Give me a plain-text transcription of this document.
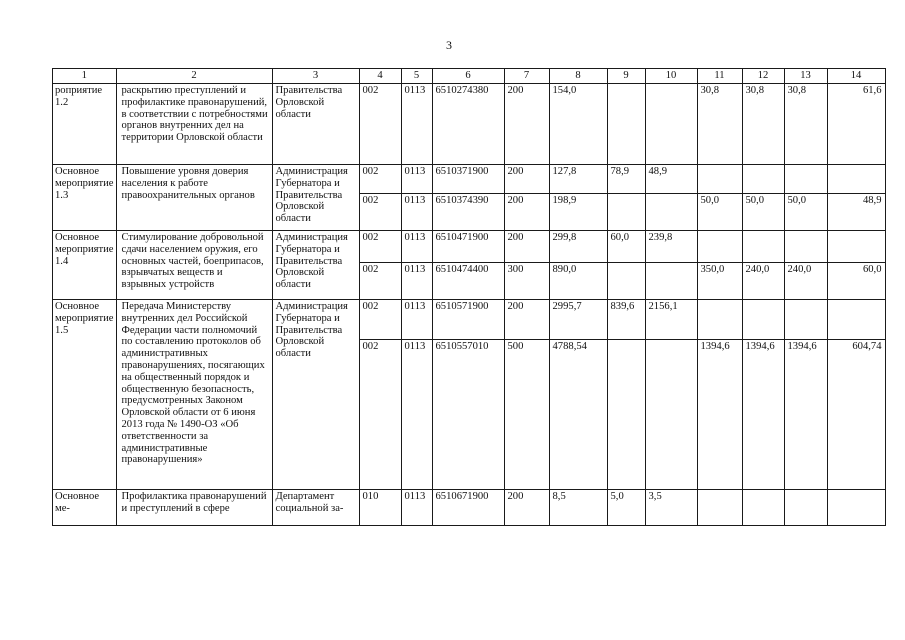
3
1	2	3	4	5	6	7	8	9	10	11	12	13	14
роприятие 1.2	раскрытию преступлений и профилактике правонарушений, в соответствии с потребностями органов внутренних дел на территории Орловской области	Правительства Орловской области	002	0113	6510274380	200	154,0			30,8	30,8	30,8	61,6
Основное мероприятие 1.3	Повышение уровня доверия населения к работе правоохранительных органов	Администрация Губернатора и Правительства Орловской области	002	0113	6510371900	200	127,8	78,9	48,9				
			002	0113	6510374390	200	198,9			50,0	50,0	50,0	48,9
Основное мероприятие 1.4	Стимулирование добровольной сдачи населением оружия, его основных частей, боеприпасов, взрывчатых веществ и взрывных устройств	Администрация Губернатора и Правительства Орловской области	002	0113	6510471900	200	299,8	60,0	239,8				
			002	0113	6510474400	300	890,0			350,0	240,0	240,0	60,0
Основное мероприятие 1.5	Передача Министерству внутренних дел Российской Федерации части полномочий по составлению протоколов об административных правонарушениях, посягающих на общественный порядок и общественную безопасность, предусмотренных Законом Орловской области от 6 июня 2013 года № 1490-ОЗ «Об ответственности за административные правонарушения»	Администрация Губернатора и Правительства Орловской области	002	0113	6510571900	200	2995,7	839,6	2156,1				
			002	0113	6510557010	500	4788,54			1394,6	1394,6	1394,6	604,74
Основное ме-	Профилактика правонарушений и преступлений в сфере	Департамент социальной за-	010	0113	6510671900	200	8,5	5,0	3,5				
